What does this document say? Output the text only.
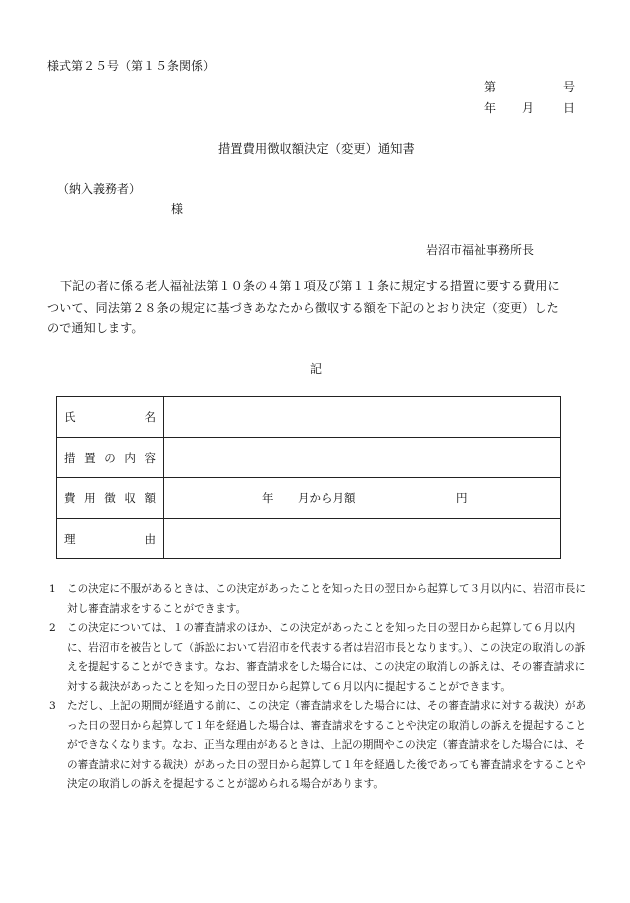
様式第２５号（第１５条関係）
第	号
年 月 日
措置費用徴収額決定（変更）通知書
（納入義務者）
様
岩沼市福祉事務所長
下記の者に係る老人福祉法第１０条の４第１項及び第１１条に規定する措置に要する費用に
ついて、同法第２８条の規定に基づきあなたから徴収する額を下記のとおり決定（変更）した
ので通知します。
記
氏 名	

措 置 の 内 容	

費 用 徴 収 額	年 月から月額 円

理 由	

1	この決定に不服があるときは、この決定があったことを知った日の翌日から起算して３月以内に、岩沼市長に対し審査請求をすることができます。
2	この決定については、１の審査請求のほか、この決定があったことを知った日の翌日から起算して６月以内に、岩沼市を被告として（訴訟において岩沼市を代表する者は岩沼市長となります。）、この決定の取消しの訴えを提起することができます。なお、審査請求をした場合には、この決定の取消しの訴えは、その審査請求に対する裁決があったことを知った日の翌日から起算して６月以内に提起することができます。
3	ただし、上記の期間が経過する前に、この決定（審査請求をした場合には、その審査請求に対する裁決）があった日の翌日から起算して１年を経過した場合は、審査請求をすることや決定の取消しの訴えを提起することができなくなります。なお、正当な理由があるときは、上記の期間やこの決定（審査請求をした場合には、その審査請求に対する裁決）があった日の翌日から起算して１年を経過した後であっても審査請求をすることや決定の取消しの訴えを提起することが認められる場合があります。
